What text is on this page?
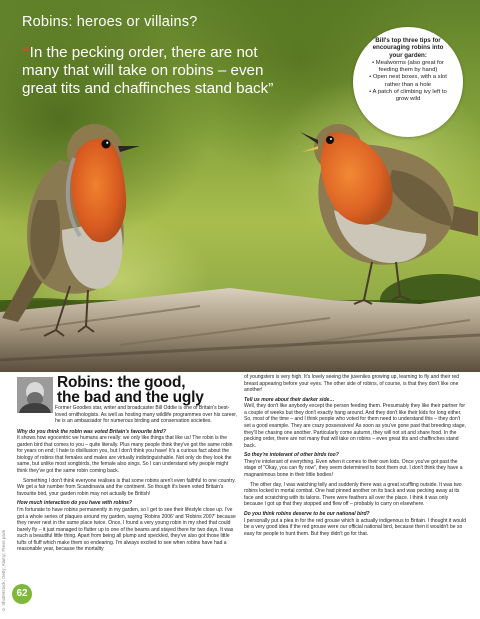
Robins: heroes or villains?
“In the pecking order, there are not many that will take on robins – even great tits and chaffinches stand back”
Bill's top three tips for encouraging robins into your garden:
• Mealworms (also great for feeding them by hand)
• Open nest boxes, with a slot rather than a hole
• A patch of climbing ivy left to grow wild
© Shutterstock; Getty; Alamy; Press pack
Robins: the good,
the bad and the ugly

Former Goodies star, writer and broadcaster Bill Oddie is one of Britain's best-loved ornithologists. As well as hosting many wildlife programmes over his career, he is an ambassador for numerous birding and conservation societies.

Why do you think the robin was voted Britain's favourite bird?

It shows how egocentric we humans are really: we only like things that like us! The robin is the garden bird that comes to you – quite literally. Plus many people think they've got the same robin for years on end; I hate to disillusion you, but I don't think you have! It's a curious fact about the biology of robins that females and males are virtually indistinguishable. Not only do they look the same, but unlike most songbirds, the female also sings. So I can understand why people might think they've got the same robin coming back.

Something I don't think everyone realises is that some robins aren't even faithful to one country. We get a fair number from Scandinavia and the continent. So though it's been voted Britain's favourite bird, your garden robin may not actually be British!

How much interaction do you have with robins?

I'm fortunate to have robins permanently in my garden, so I get to see their lifestyle close up. I've got a whole series of plaques around my garden, saying 'Robins 2006' and 'Robins 2007' because they never nest in the same place twice. Once, I found a very young robin in my shed that could barely fly – it just managed to flutter up to one of the beams and stayed there for two days. It was such a beautiful little thing. Apart from being all plump and speckled, they've also got those little tufts of fluff which make them so endearing. I'm always excited to see when robins have had a reasonable year, because the mortality

of youngsters is very high. It's lovely seeing the juveniles growing up, learning to fly and their red breast appearing before your eyes. The other side of robins, of course, is that they don't like one another!

Tell us more about their darker side…

Well, they don't like anybody except the person feeding them. Presumably they like their partner for a couple of weeks but they don't exactly hang around. And they don't like their kids for long either. So, most of the time – and I think people who voted for them need to understand this – they don't set a good example. They are crazy possessives! As soon as you've gone past that breeding stage, they'll be chasing one another. Particularly come autumn, they will not sit and share food. In the pecking order, there are not many that will take on robins – even great tits and chaffinches stand back.

So they're intolerant of other birds too?

They're intolerant of everything. Even when it comes to their own kids. Once you've got past the stage of "Okay, you can fly now", they seem determined to boot them out. I don't think they have a magnanimous bone in their little bodies!

The other day, I was watching telly and suddenly there was a great scuffling outside. It was two robins locked in mortal combat. One had pinned another on its back and was pecking away at its face and scratching with its talons. There were feathers all over the place. I think it was only because I got up that they stopped and flew off – probably to carry on elsewhere.

Do you think robins deserve to be our national bird?

I personally put a plea in for the red grouse which is actually indigenous to Britain. I thought it would be a very good idea if the red grouse were our official national bird, because then it wouldn't be so easy for people to hunt them. But they didn't go for that.

62
